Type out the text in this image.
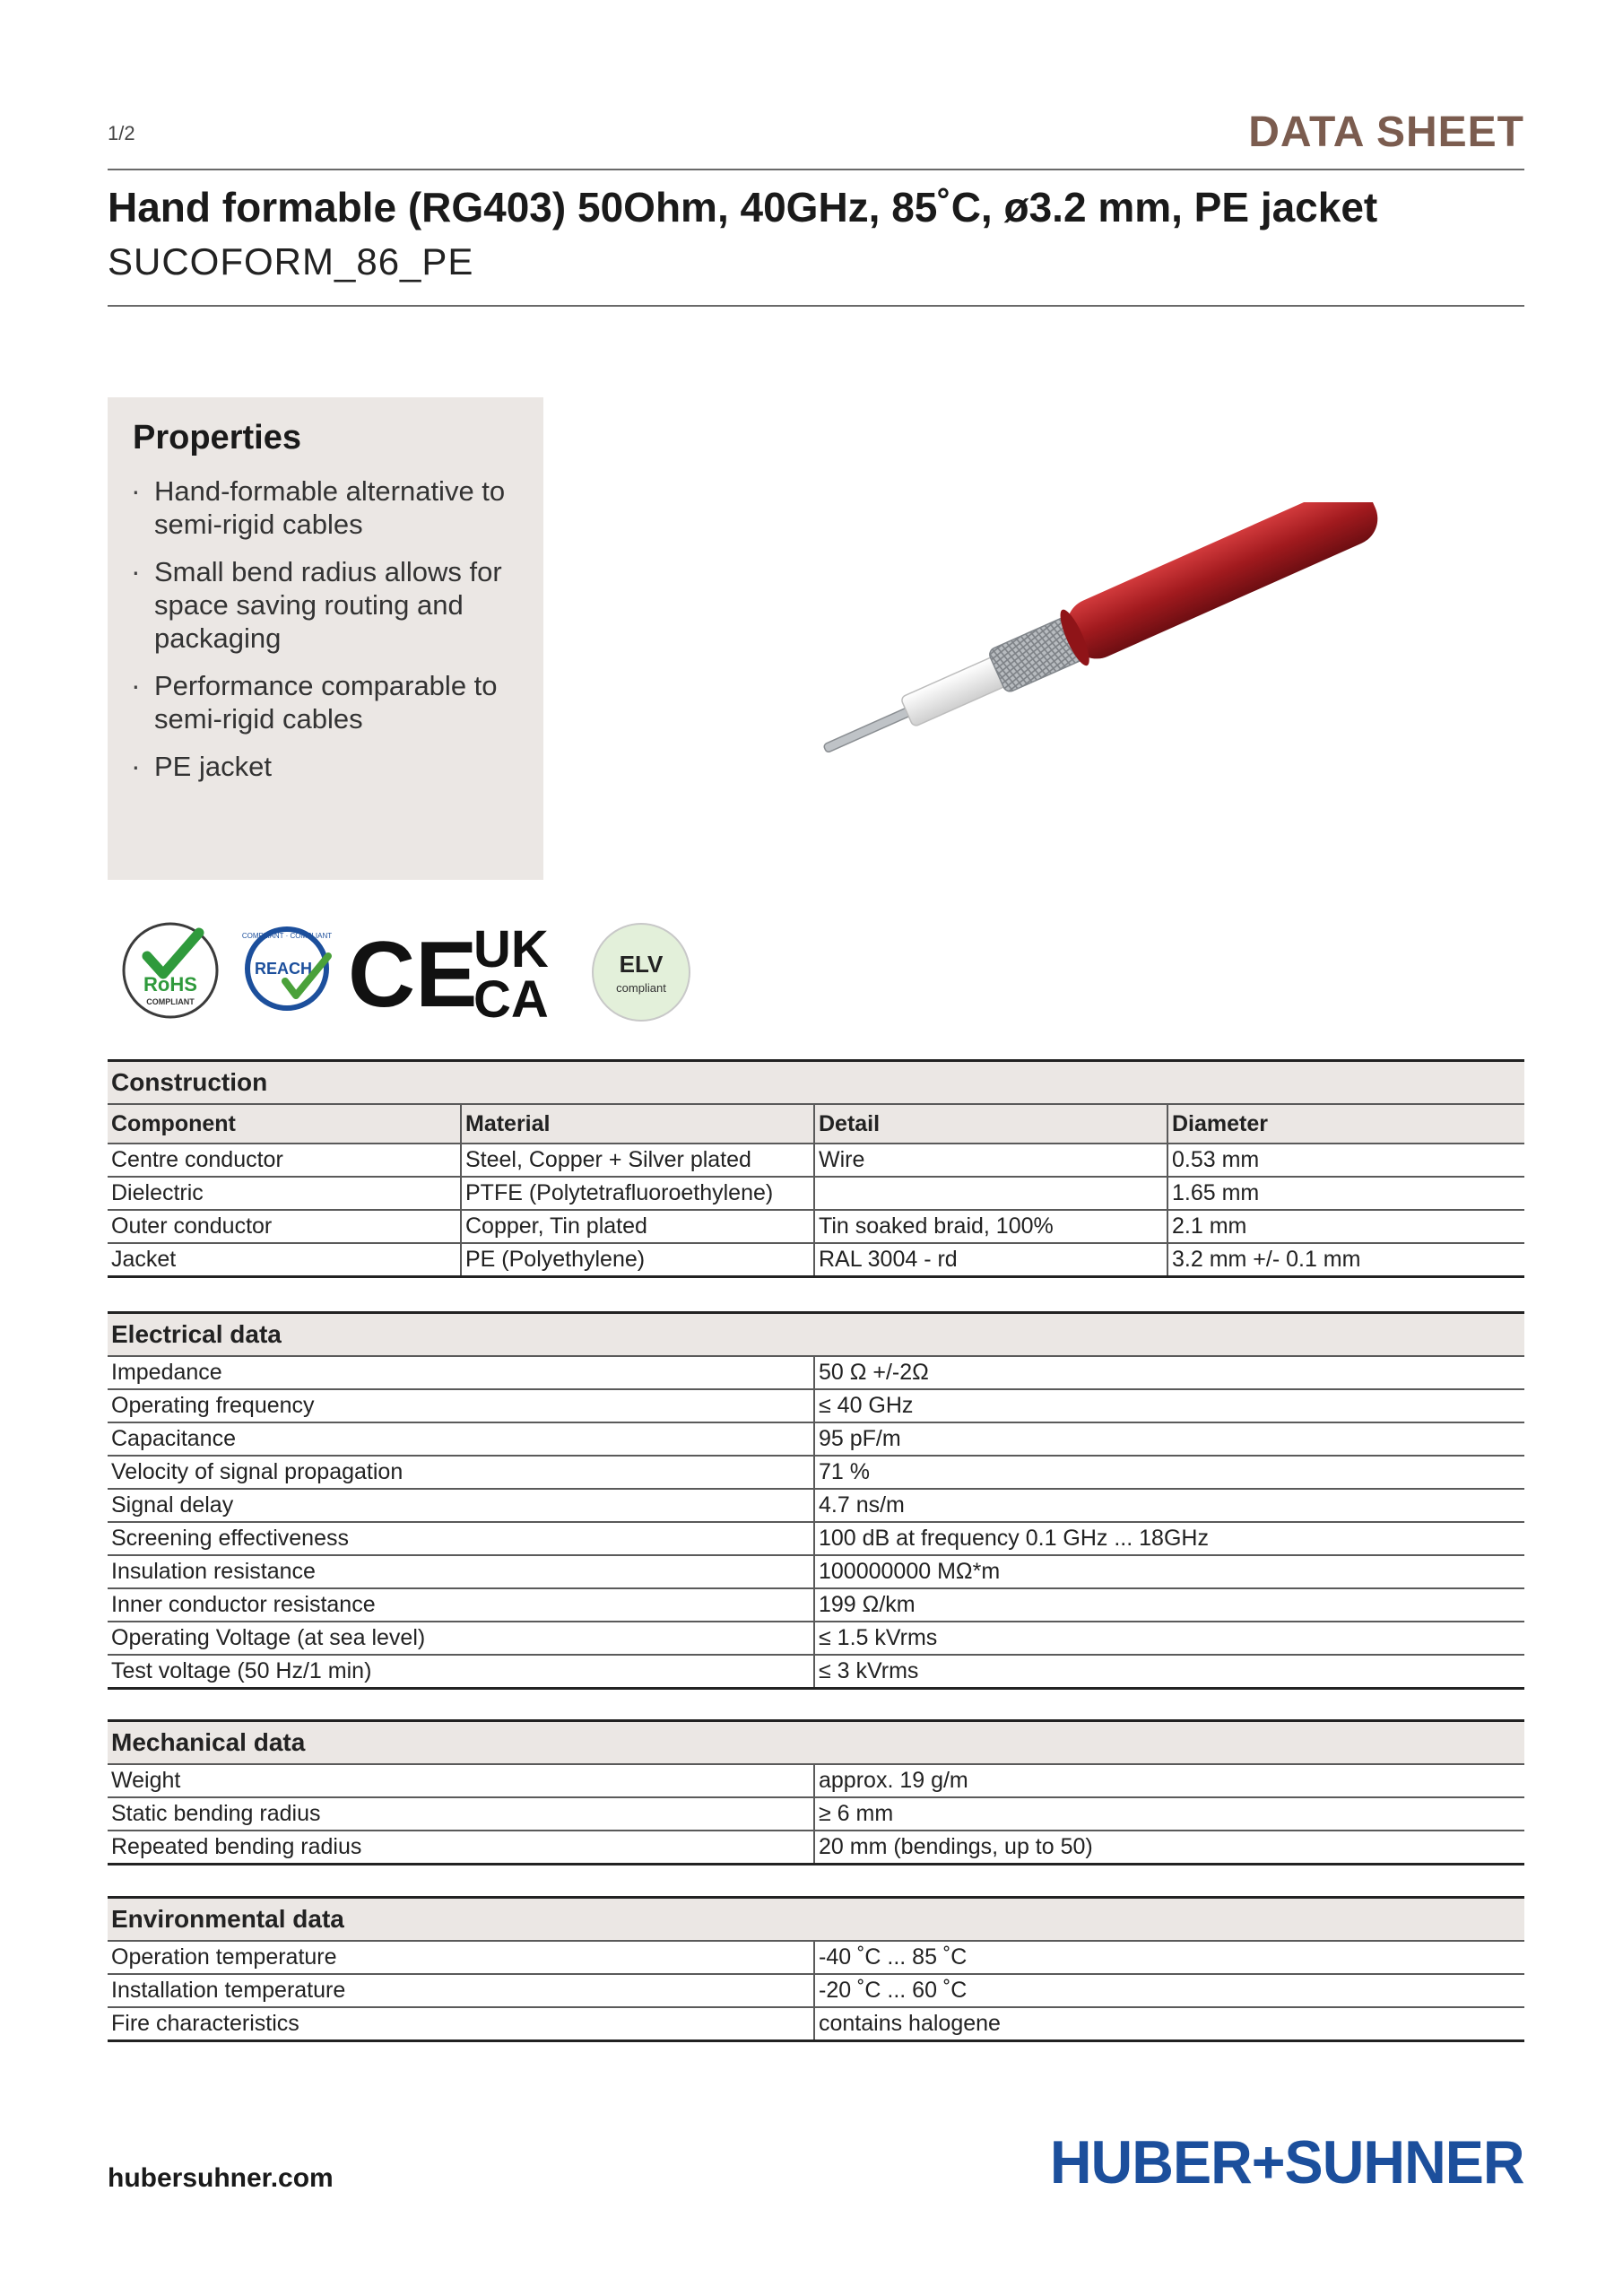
1/2	DATA SHEET
Hand formable (RG403) 50Ohm, 40GHz, 85˚C, ø3.2 mm, PE jacket
SUCOFORM_86_PE
Properties
· Hand-formable alternative to semi-rigid cables
· Small bend radius allows for space saving routing and packaging
· Performance comparable to semi-rigid cables
· PE jacket
RoHS
COMPLIANT
COMPLIANT · COMPLIANT
REACH CE
UK
CA
ELV
compliant
Construction			
Component	Material	Detail	Diameter
Centre conductor	Steel, Copper + Silver plated	Wire	0.53 mm
Dielectric	PTFE (Polytetrafluoroethylene)		1.65 mm
Outer conductor	Copper, Tin plated	Tin soaked braid, 100%	2.1 mm
Jacket	PE (Polyethylene)	RAL 3004 - rd	3.2 mm +/- 0.1 mm
Electrical data	
Impedance	50 Ω +/-2Ω
Operating frequency	≤ 40 GHz
Capacitance	95 pF/m
Velocity of signal propagation	71 %
Signal delay	4.7 ns/m
Screening effectiveness	100 dB at frequency 0.1 GHz ... 18GHz
Insulation resistance	100000000 MΩ*m
Inner conductor resistance	199 Ω/km
Operating Voltage (at sea level)	≤ 1.5 kVrms
Test voltage (50 Hz/1 min)	≤ 3 kVrms
Mechanical data	
Weight	approx. 19 g/m
Static bending radius	≥ 6 mm
Repeated bending radius	20 mm (bendings, up to 50)
Environmental data	
Operation temperature	-40 ˚C ... 85 ˚C
Installation temperature	-20 ˚C ... 60 ˚C
Fire characteristics	contains halogene
hubersuhner.com	HUBER+SUHNER
